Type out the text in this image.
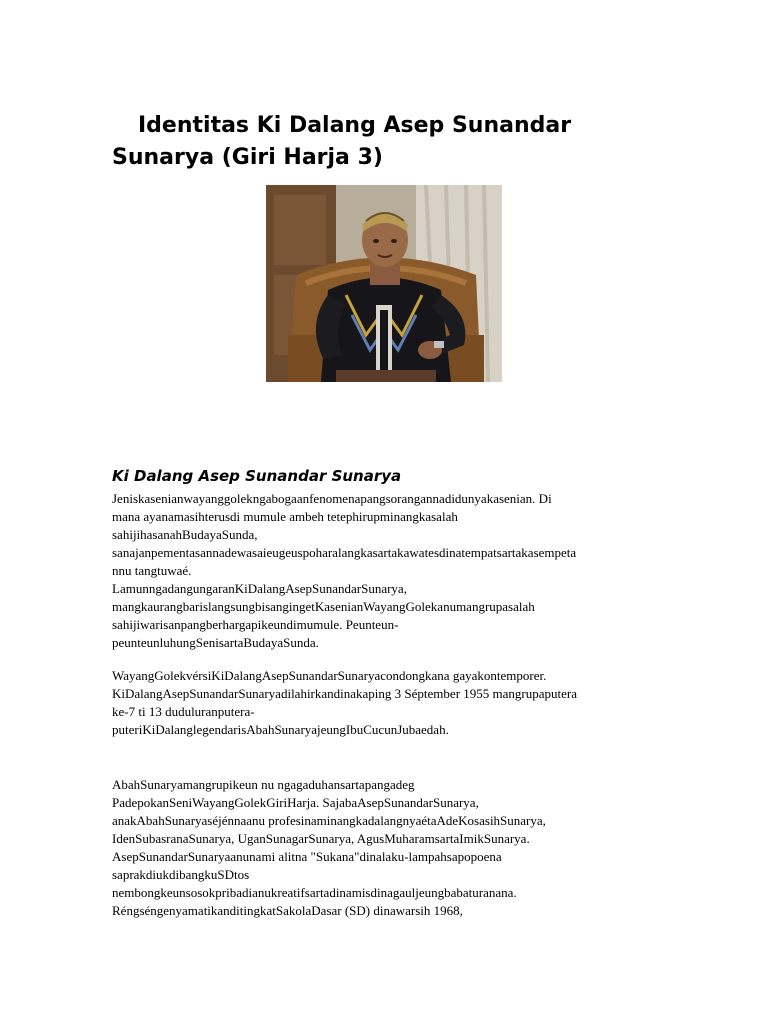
Identitas Ki Dalang Asep Sunandar
Sunarya (Giri Harja 3)
Ki Dalang Asep Sunandar Sunarya
Jeniskaseniаnwayanggolekngabogaanfenomenapangsorangannadidunyakaseniаn. Di
mana ayanamasihterusdi mumule ambeh tetephirupminangkasalah
sahijihasanahBudayaSunda,
sanajanpementasannadewasaieugeuspoharalangkasartakawatesdinatempatsartakasempeta
nnu tangtuwaé.
LamunngadangungaranKiDalangAsepSunandarSunarya,
mangkaurangbarislangsungbisangingetKasenianWayangGolekanumangrupasalah
sahijiwarisanpangberhargapikeundimumule. Peunteun-
peunteunluhungSenisartaBudayaSunda.
WayangGolekvérsiKiDalangAsepSunandarSunaryacondongkana gayakontemporer.
KiDalangAsepSunandarSunaryadilahirkandinakaping 3 Séptember 1955 mangrupaputera
ke-7 ti 13 duduluranputera-
puteriKiDalanglegendarisAbahSunaryajeungIbuCucunJubaedah.
AbahSunaryamangrupikeun nu ngagaduhansartapangadeg
PadepokanSeniWayangGolekGiriHarja. SajabaAsepSunandarSunarya,
anakAbahSunaryaséjénnaanu profesinaminangkadalangnyaétaAdeKosasihSunarya,
IdenSubasranaSunarya, UganSunagarSunarya, AgusMuharamsartaImikSunarya.
AsepSunandarSunaryaanunami alitna "Sukana"dinalaku-lampahsapopoena
saprakdiukdibangkuSDtos
nembongkeunsosokpribadianukreatifsartadinamisdinagauljeungbabaturanana.
RéngséngenyamatikanditingkatSakolaDasar (SD) dinawarsih 1968,
